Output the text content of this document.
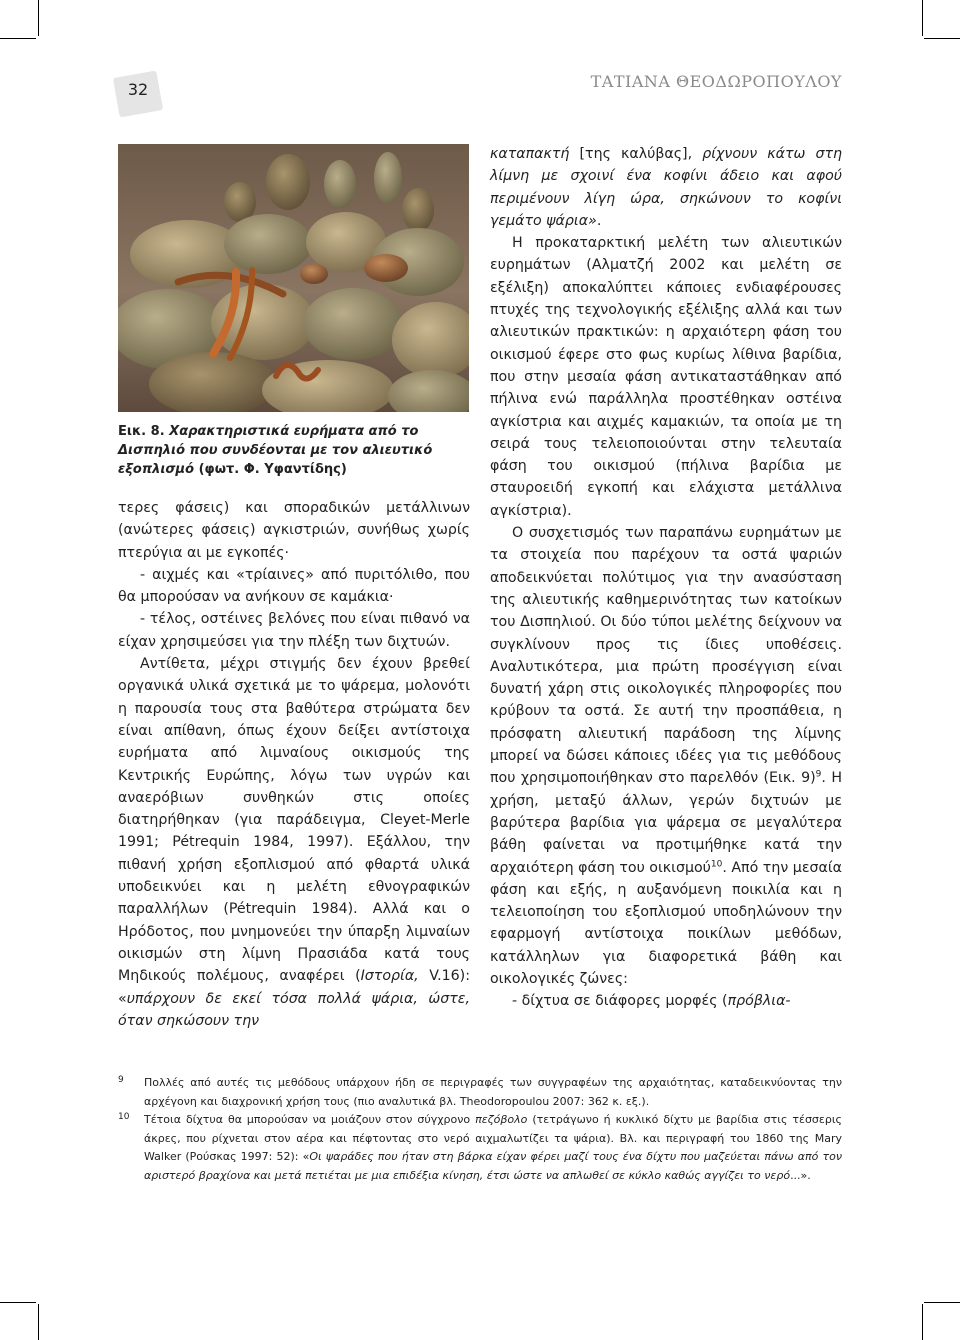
32	ΤΑΤΙΑΝΑ ΘΕΟΔΩΡΟΠΟΥΛΟΥ
Εικ. 8. Χαρακτηριστικά ευρήματα από το Δισπηλιό που συνδέονται με τον αλιευτικό εξοπλισμό (φωτ. Φ. Υφαντίδης)

τερες φάσεις) και σποραδικών μετάλλινων (ανώτερες φάσεις) αγκιστριών, συνήθως χωρίς πτερύγια αι με εγκοπές·

- αιχμές και «τρίαινες» από πυριτόλιθο, που θα μπορούσαν να ανήκουν σε καμάκια·

- τέλος, οστέινες βελόνες που είναι πιθανό να είχαν χρησιμεύσει για την πλέξη των διχτυών.

Αντίθετα, μέχρι στιγμής δεν έχουν βρεθεί οργανικά υλικά σχετικά με το ψάρεμα, μολονότι η παρουσία τους στα βαθύτερα στρώματα δεν είναι απίθανη, όπως έχουν δείξει αντίστοιχα ευρήματα από λιμναίους οικισμούς της Κεντρικής Ευρώπης, λόγω των υγρών και αναερόβιων συνθηκών στις οποίες διατηρήθηκαν (για παράδειγμα, Cleyet-Merle 1991; Pétrequin 1984, 1997). Εξάλλου, την πιθανή χρήση εξοπλισμού από φθαρτά υλικά υποδεικνύει και η μελέτη εθνογραφικών παραλλήλων (Pétrequin 1984). Αλλά και ο Ηρόδοτος, που μνημονεύει την ύπαρξη λιμναίων οικισμών στη λίμνη Πρασιάδα κατά τους Μηδικούς πολέμους, αναφέρει (Ιστορία, V.16): «υπάρχουν δε εκεί τόσα πολλά ψάρια, ώστε, όταν σηκώσουν την

καταπακτή [της καλύβας], ρίχνουν κάτω στη λίμνη με σχοινί ένα κοφίνι άδειο και αφού περιμένουν λίγη ώρα, σηκώνουν το κοφίνι γεμάτο ψάρια».

Η προκαταρκτική μελέτη των αλιευτικών ευρημάτων (Αλματζή 2002 και μελέτη σε εξέλιξη) αποκαλύπτει κάποιες ενδιαφέρουσες πτυχές της τεχνολογικής εξέλιξης αλλά και των αλιευτικών πρακτικών: η αρχαιότερη φάση του οικισμού έφερε στο φως κυρίως λίθινα βαρίδια, που στην μεσαία φάση αντικαταστάθηκαν από πήλινα ενώ παράλληλα προστέθηκαν οστέινα αγκίστρια και αιχμές καμακιών, τα οποία με τη σειρά τους τελειοποιούνται στην τελευταία φάση του οικισμού (πήλινα βαρίδια με σταυροειδή εγκοπή και ελάχιστα μετάλλινα αγκίστρια).

Ο συσχετισμός των παραπάνω ευρημάτων με τα στοιχεία που παρέχουν τα οστά ψαριών αποδεικνύεται πολύτιμος για την ανασύσταση της αλιευτικής καθημερινότητας των κατοίκων του Δισπηλιού. Οι δύο τύποι μελέτης δείχνουν να συγκλίνουν προς τις ίδιες υποθέσεις. Αναλυτικότερα, μια πρώτη προσέγγιση είναι δυνατή χάρη στις οικολογικές πληροφορίες που κρύβουν τα οστά. Σε αυτή την προσπάθεια, η πρόσφατη αλιευτική παράδοση της λίμνης μπορεί να δώσει κάποιες ιδέες για τις μεθόδους που χρησιμοποιήθηκαν στο παρελθόν (Εικ. 9)$^9$. Η χρήση, μεταξύ άλλων, γερών διχτυών με βαρύτερα βαρίδια για ψάρεμα σε μεγαλύτερα βάθη φαίνεται να προτιμήθηκε κατά την αρχαιότερη φάση του οικισμού$^{10}$. Από την μεσαία φάση και εξής, η αυξανόμενη ποικιλία και η τελειοποίηση του εξοπλισμού υποδηλώνουν την εφαρμογή αντίστοιχα ποικίλων μεθόδων, κατάλληλων για διαφορετικά βάθη και οικολογικές ζώνες:

- δίχτυα σε διάφορες μορφές (πρόβλια-

9 Πολλές από αυτές τις μεθόδους υπάρχουν ήδη σε περιγραφές των συγγραφέων της αρχαιότητας, καταδεικνύοντας την αρχέγονη και διαχρονική χρήση τους (πιο αναλυτικά βλ. Theodoropoulou 2007: 362 κ. εξ.).
10 Τέτοια δίχτυα θα μπορούσαν να μοιάζουν στον σύγχρονο πεζόβολο (τετράγωνο ή κυκλικό δίχτυ με βαρίδια στις τέσσερις άκρες, που ρίχνεται στον αέρα και πέφτοντας στο νερό αιχμαλωτίζει τα ψάρια). Βλ. και περιγραφή του 1860 της Mary Walker (Ρούσκας 1997: 52): «Οι ψαράδες που ήταν στη βάρκα είχαν φέρει μαζί τους ένα δίχτυ που μαζεύεται πάνω από τον αριστερό βραχίονα και μετά πετιέται με μια επιδέξια κίνηση, έτσι ώστε να απλωθεί σε κύκλο καθώς αγγίζει το νερό...».
